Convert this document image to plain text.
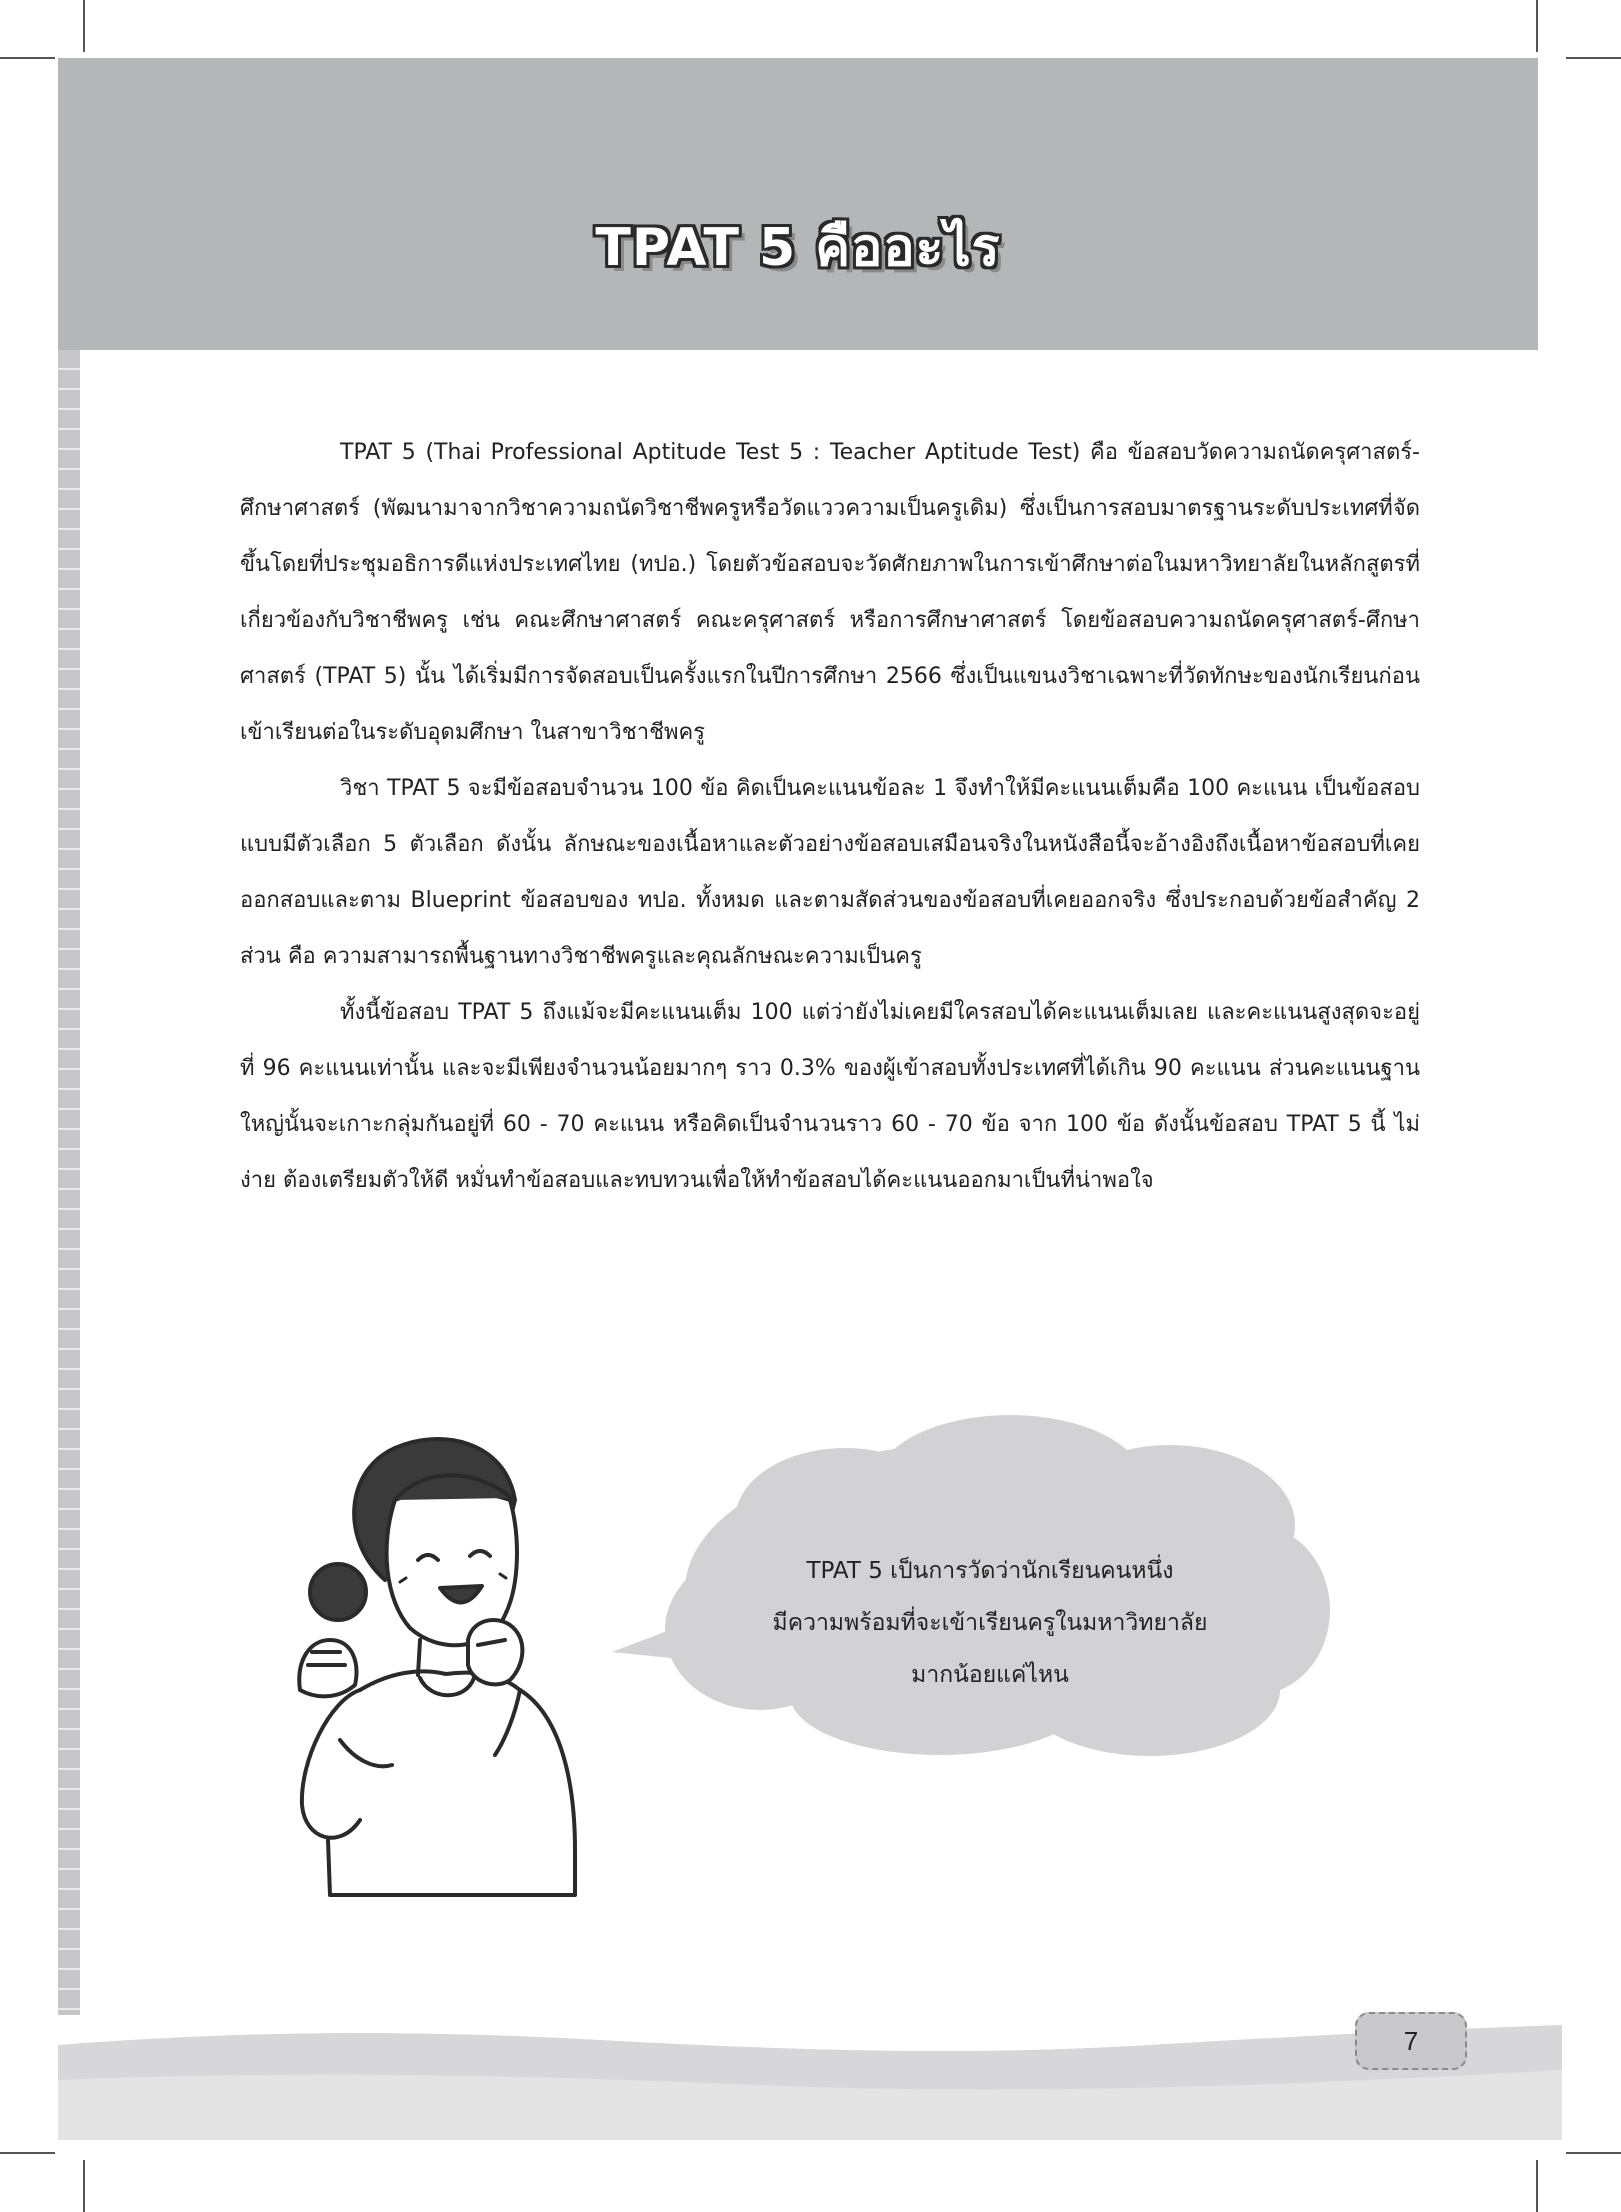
TPAT 5 คืออะไร

TPAT 5 (Thai Professional Aptitude Test 5 : Teacher Aptitude Test) คือ ข้อสอบวัดความถนัดครุศาสตร์-ศึกษาศาสตร์ (พัฒนามาจากวิชาความถนัดวิชาชีพครูหรือวัดแววความเป็นครูเดิม) ซึ่งเป็นการสอบมาตรฐานระดับประเทศที่จัดขึ้นโดยที่ประชุมอธิการดีแห่งประเทศไทย (ทปอ.) โดยตัวข้อสอบจะวัดศักยภาพในการเข้าศึกษาต่อในมหาวิทยาลัยในหลักสูตรที่เกี่ยวข้องกับวิชาชีพครู เช่น คณะศึกษาศาสตร์ คณะครุศาสตร์ หรือการศึกษาศาสตร์ โดยข้อสอบความถนัดครุศาสตร์-ศึกษาศาสตร์ (TPAT 5) นั้น ได้เริ่มมีการจัดสอบเป็นครั้งแรกในปีการศึกษา 2566 ซึ่งเป็นแขนงวิชาเฉพาะที่วัดทักษะของนักเรียนก่อนเข้าเรียนต่อในระดับอุดมศึกษา ในสาขาวิชาชีพครู

วิชา TPAT 5 จะมีข้อสอบจำนวน 100 ข้อ คิดเป็นคะแนนข้อละ 1 จึงทำให้มีคะแนนเต็มคือ 100 คะแนน เป็นข้อสอบแบบมีตัวเลือก 5 ตัวเลือก ดังนั้น ลักษณะของเนื้อหาและตัวอย่างข้อสอบเสมือนจริงในหนังสือนี้จะอ้างอิงถึงเนื้อหาข้อสอบที่เคยออกสอบและตาม Blueprint ข้อสอบของ ทปอ. ทั้งหมด และตามสัดส่วนของข้อสอบที่เคยออกจริง ซึ่งประกอบด้วยข้อสำคัญ 2 ส่วน คือ ความสามารถพื้นฐานทางวิชาชีพครูและคุณลักษณะความเป็นครู

ทั้งนี้ข้อสอบ TPAT 5 ถึงแม้จะมีคะแนนเต็ม 100 แต่ว่ายังไม่เคยมีใครสอบได้คะแนนเต็มเลย และคะแนนสูงสุดจะอยู่ที่ 96 คะแนนเท่านั้น และจะมีเพียงจำนวนน้อยมากๆ ราว 0.3% ของผู้เข้าสอบทั้งประเทศที่ได้เกิน 90 คะแนน ส่วนคะแนนฐานใหญ่นั้นจะเกาะกลุ่มกันอยู่ที่ 60 - 70 คะแนน หรือคิดเป็นจำนวนราว 60 - 70 ข้อ จาก 100 ข้อ ดังนั้นข้อสอบ TPAT 5 นี้ ไม่ง่าย ต้องเตรียมตัวให้ดี หมั่นทำข้อสอบและทบทวนเพื่อให้ทำข้อสอบได้คะแนนออกมาเป็นที่น่าพอใจ

TPAT 5 เป็นการวัดว่านักเรียนคนหนึ่ง
มีความพร้อมที่จะเข้าเรียนครูในมหาวิทยาลัย
มากน้อยแค่ไหน
7
